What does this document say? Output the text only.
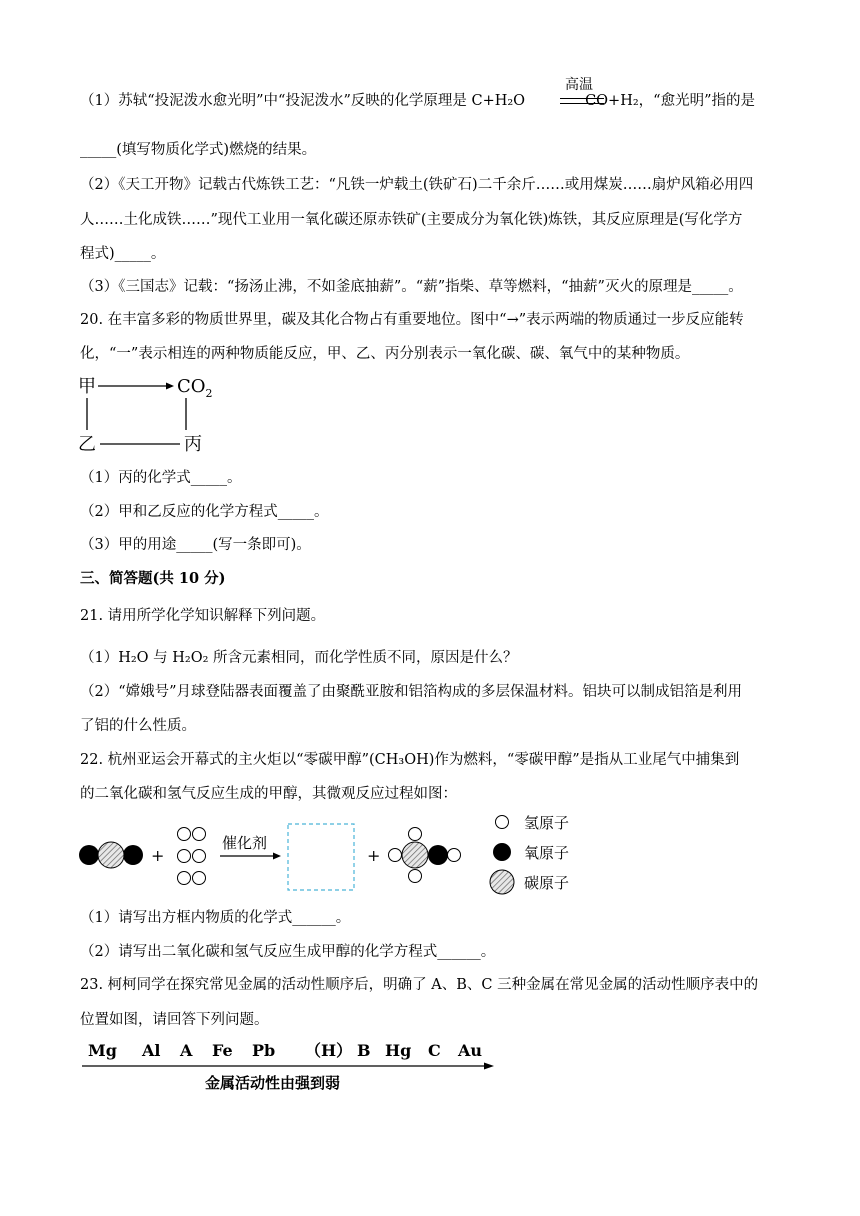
（1）苏轼“投泥泼水愈光明”中“投泥泼水”反映的化学原理是 C+H₂O	CO+H₂，“愈光明”指的是
高温
_____(填写物质化学式)燃烧的结果。
（2）《天工开物》记载古代炼铁工艺：“凡铁一炉载土(铁矿石)二千余斤……或用煤炭……扇炉风箱必用四
人……土化成铁……”现代工业用一氧化碳还原赤铁矿(主要成分为氧化铁)炼铁，其反应原理是(写化学方
程式)_____。
（3）《三国志》记载：“扬汤止沸，不如釜底抽薪”。“薪”指柴、草等燃料，“抽薪”灭火的原理是_____。
20. 在丰富多彩的物质世界里，碳及其化合物占有重要地位。图中“→”表示两端的物质通过一步反应能转
化，“一”表示相连的两种物质能反应，甲、乙、丙分别表示一氧化碳、碳、氧气中的某种物质。
甲	$CO_2$
乙	丙
（1）丙的化学式_____。
（2）甲和乙反应的化学方程式_____。
（3）甲的用途_____(写一条即可)。
三、简答题(共 10 分)
21. 请用所学化学知识解释下列问题。
（1）H₂O 与 H₂O₂ 所含元素相同，而化学性质不同，原因是什么？
（2）“嫦娥号”月球登陆器表面覆盖了由聚酰亚胺和铝箔构成的多层保温材料。铝块可以制成铝箔是利用
了铝的什么性质。
22. 杭州亚运会开幕式的主火炬以“零碳甲醇”(CH₃OH)作为燃料，“零碳甲醇”是指从工业尾气中捕集到
的二氧化碳和氢气反应生成的甲醇，其微观反应过程如图：
+
催化剂
+
氢原子
氧原子
碳原子
（1）请写出方框内物质的化学式______。
（2）请写出二氧化碳和氢气反应生成甲醇的化学方程式______。
23. 柯柯同学在探究常见金属的活动性顺序后，明确了 A、B、C 三种金属在常见金属的活动性顺序表中的
位置如图，请回答下列问题。
Mg Al A Fe Pb （H） B Hg C Au
金属活动性由强到弱
